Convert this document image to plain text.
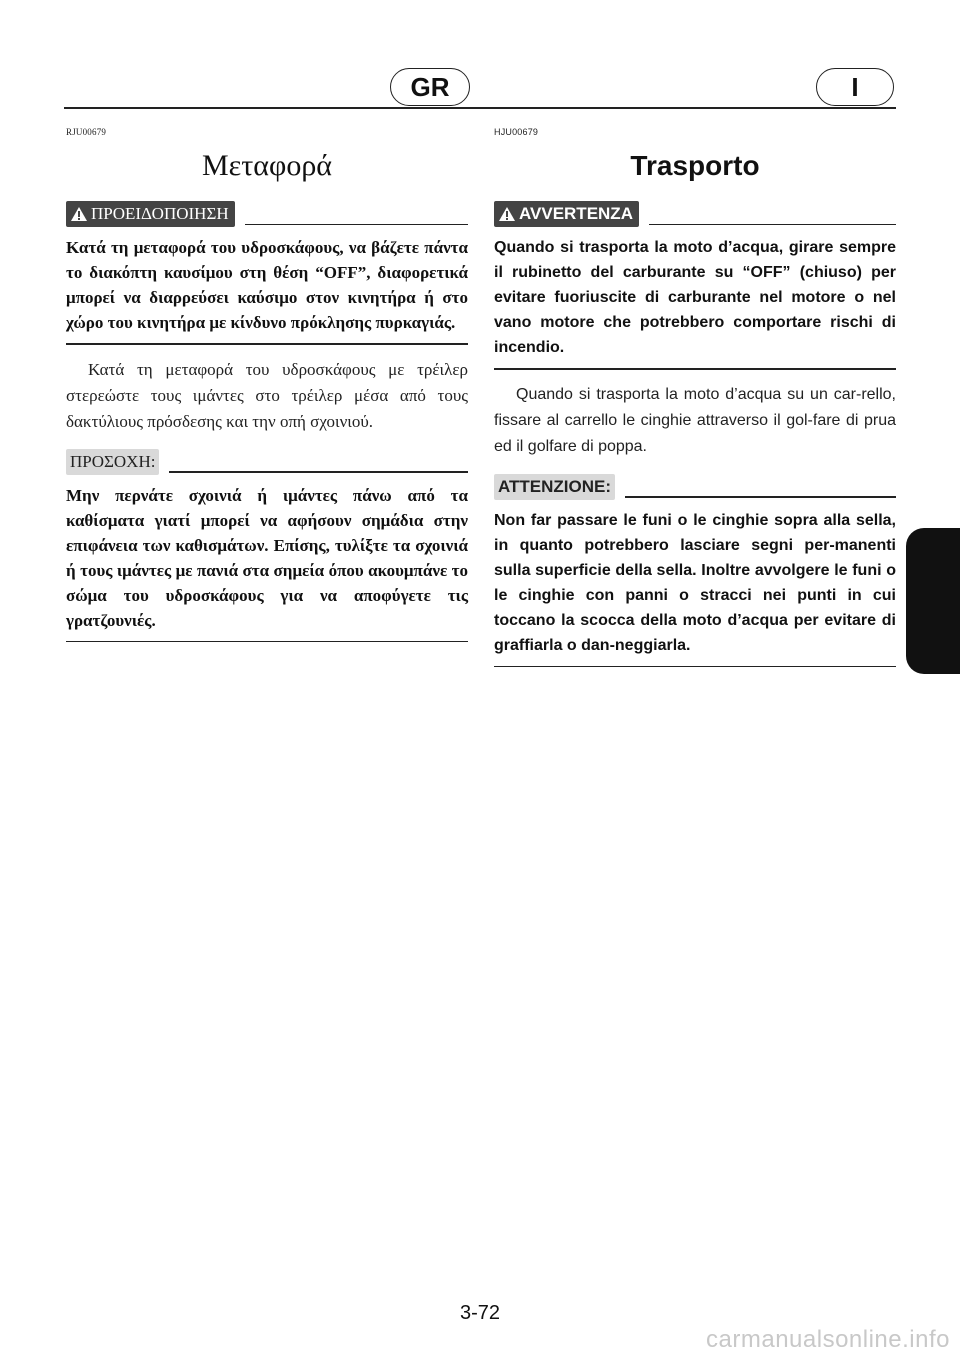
GR	I
RJU00679
Μεταφορά
ΠΡΟΕΙΔΟΠΟΙΗΣΗ

Κατά τη μεταφορά του υδροσκάφους, να βάζετε πάντα το διακόπτη καυσίμου στη θέση “OFF”, διαφορετικά μπορεί να διαρρεύσει καύσιμο στον κινητήρα ή στο χώρο του κινητήρα με κίνδυνο πρόκλησης πυρκαγιάς.

Κατά τη μεταφορά του υδροσκάφους με τρέιλερ στερεώστε τους ιμάντες στο τρέιλερ μέσα από τους δακτύλιους πρόσδεσης και την οπή σχοινιού.

ΠΡΟΣΟΧΗ:

Μην περνάτε σχοινιά ή ιμάντες πάνω από τα καθίσματα γιατί μπορεί να αφήσουν σημάδια στην επιφάνεια των καθισμάτων. Επίσης, τυλίξτε τα σχοινιά ή τους ιμάντες με πανιά στα σημεία όπου ακουμπάνε το σώμα του υδροσκάφους για να αποφύγετε τις γρατζουνιές.

HJU00679
Trasporto
AVVERTENZA

Quando si trasporta la moto d’acqua, girare sempre il rubinetto del carburante su “OFF” (chiuso) per evitare fuoriuscite di carburante nel motore o nel vano motore che potrebbero comportare rischi di incendio.

Quando si trasporta la moto d’acqua su un car-rello, fissare al carrello le cinghie attraverso il gol-fare di prua ed il golfare di poppa.

ATTENZIONE:

Non far passare le funi o le cinghie sopra alla sella, in quanto potrebbero lasciare segni per-manenti sulla superficie della sella. Inoltre avvolgere le funi o le cinghie con panni o stracci nei punti in cui toccano la scocca della moto d’acqua per evitare di graffiarla o dan-neggiarla.

3-72
carmanualsonline.info
